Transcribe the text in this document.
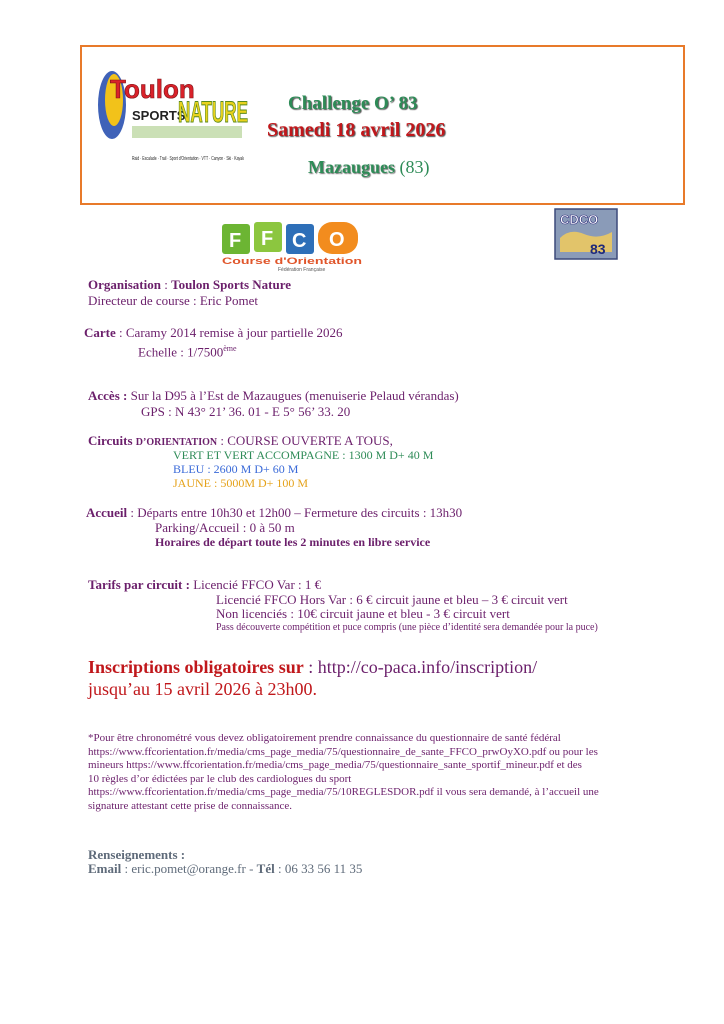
Toulon
SPORTS
NATURE
Raid · Escalade · Trail · Sport d'Orientation · VTT · Canyon · Ski · Kayak
Challenge O’ 83
Samedi 18 avril 2026
Mazaugues (83)
F F C O
Course d'Orientation
Fédération Française
CDCO
83
Organisation : Toulon Sports Nature
Directeur de course : Eric Pomet
Carte : Caramy 2014 remise à jour partielle 2026
Echelle : 1/7500ème
Accès : Sur la D95 à l’Est de Mazaugues (menuiserie Pelaud vérandas)
GPS : N 43° 21’ 36. 01 - E 5° 56’ 33. 20
Circuits D’ORIENTATION : COURSE OUVERTE A TOUS,
VERT ET VERT ACCOMPAGNE : 1300 M D+ 40 M
BLEU : 2600 M D+ 60 M
JAUNE : 5000M D+ 100 M
Accueil : Départs entre 10h30 et 12h00 – Fermeture des circuits : 13h30
Parking/Accueil : 0 à 50 m
Horaires de départ toute les 2 minutes en libre service
Tarifs par circuit : Licencié FFCO Var : 1 €
Licencié FFCO Hors Var : 6 € circuit jaune et bleu – 3 € circuit vert
Non licenciés : 10€ circuit jaune et bleu - 3 € circuit vert
Pass découverte compétition et puce compris (une pièce d’identité sera demandée pour la puce)
Inscriptions obligatoires sur : http://co-paca.info/inscription/
jusqu’au 15 avril 2026 à 23h00.
*Pour être chronométré vous devez obligatoirement prendre connaissance du questionnaire de santé fédéral
https://www.ffcorientation.fr/media/cms_page_media/75/questionnaire_de_sante_FFCO_prwOyXO.pdf ou pour les
mineurs https://www.ffcorientation.fr/media/cms_page_media/75/questionnaire_sante_sportif_mineur.pdf et des
10 règles d’or édictées par le club des cardiologues du sport
https://www.ffcorientation.fr/media/cms_page_media/75/10REGLESDOR.pdf il vous sera demandé, à l’accueil une
signature attestant cette prise de connaissance.
Renseignements :
Email : eric.pomet@orange.fr - Tél : 06 33 56 11 35
